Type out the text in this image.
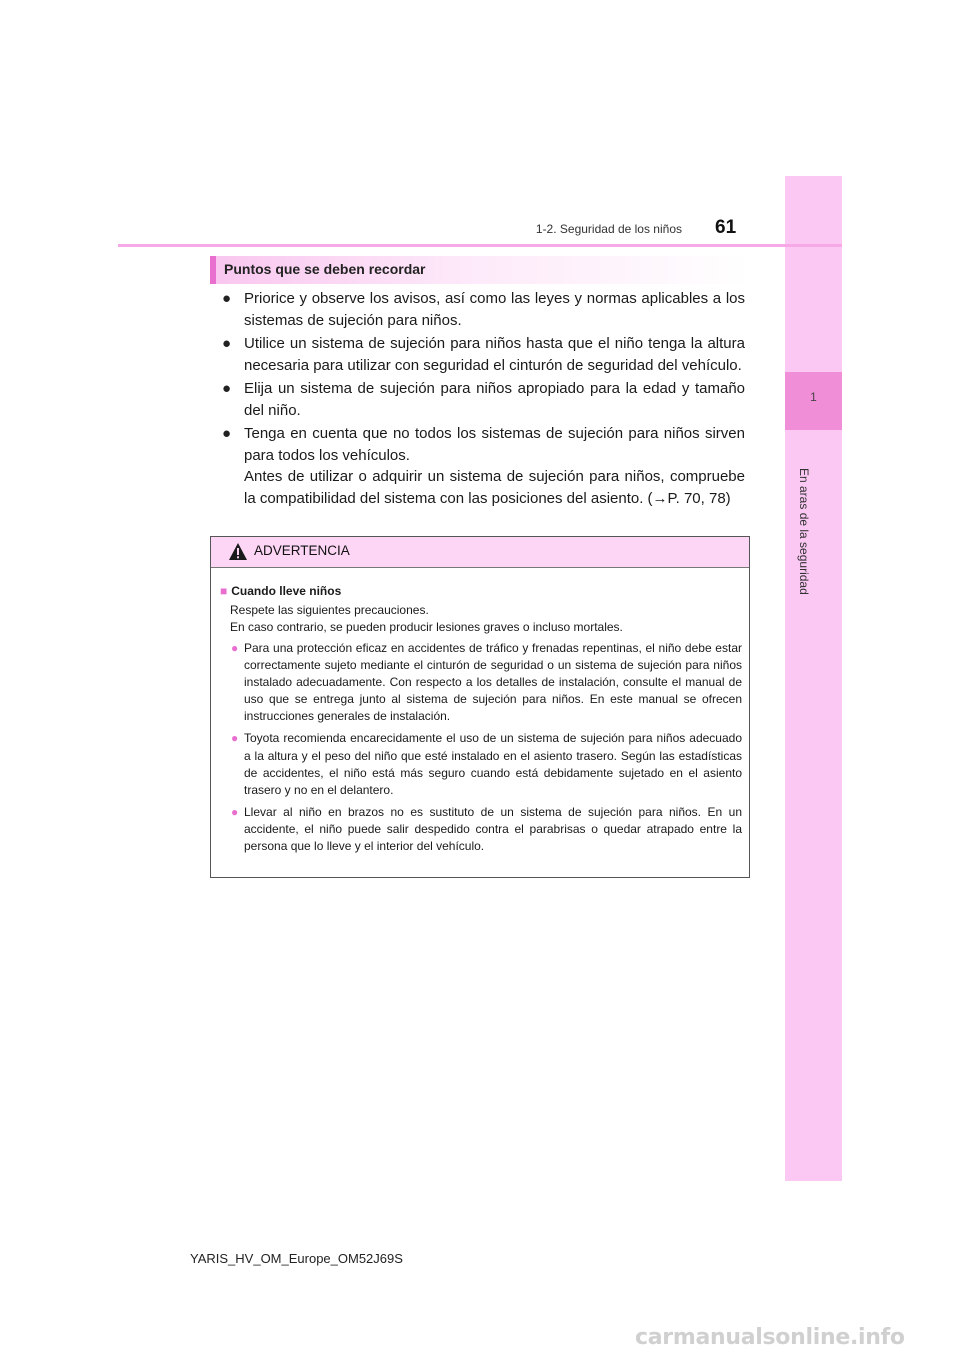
1
En aras de la seguridad
1-2. Seguridad de los niños 61
Puntos que se deben recordar
● Priorice y observe los avisos, así como las leyes y normas aplicables a los sistemas de sujeción para niños.
● Utilice un sistema de sujeción para niños hasta que el niño tenga la altura necesaria para utilizar con seguridad el cinturón de seguridad del vehículo.
● Elija un sistema de sujeción para niños apropiado para la edad y tamaño del niño.
● Tenga en cuenta que no todos los sistemas de sujeción para niños sirven para todos los vehículos.
Antes de utilizar o adquirir un sistema de sujeción para niños, compruebe la compatibilidad del sistema con las posiciones del asiento. (→P. 70, 78)
ADVERTENCIA
■ Cuando lleve niños
Respete las siguientes precauciones.
En caso contrario, se pueden producir lesiones graves o incluso mortales.
● Para una protección eficaz en accidentes de tráfico y frenadas repentinas, el niño debe estar correctamente sujeto mediante el cinturón de seguridad o un sistema de sujeción para niños instalado adecuadamente. Con respecto a los detalles de instalación, consulte el manual de uso que se entrega junto al sistema de sujeción para niños. En este manual se ofrecen instrucciones generales de instalación.
● Toyota recomienda encarecidamente el uso de un sistema de sujeción para niños adecuado a la altura y el peso del niño que esté instalado en el asiento trasero. Según las estadísticas de accidentes, el niño está más seguro cuando está debidamente sujetado en el asiento trasero y no en el delantero.
● Llevar al niño en brazos no es sustituto de un sistema de sujeción para niños. En un accidente, el niño puede salir despedido contra el parabrisas o quedar atrapado entre la persona que lo lleve y el interior del vehículo.
YARIS_HV_OM_Europe_OM52J69S
carmanualsonline.info
